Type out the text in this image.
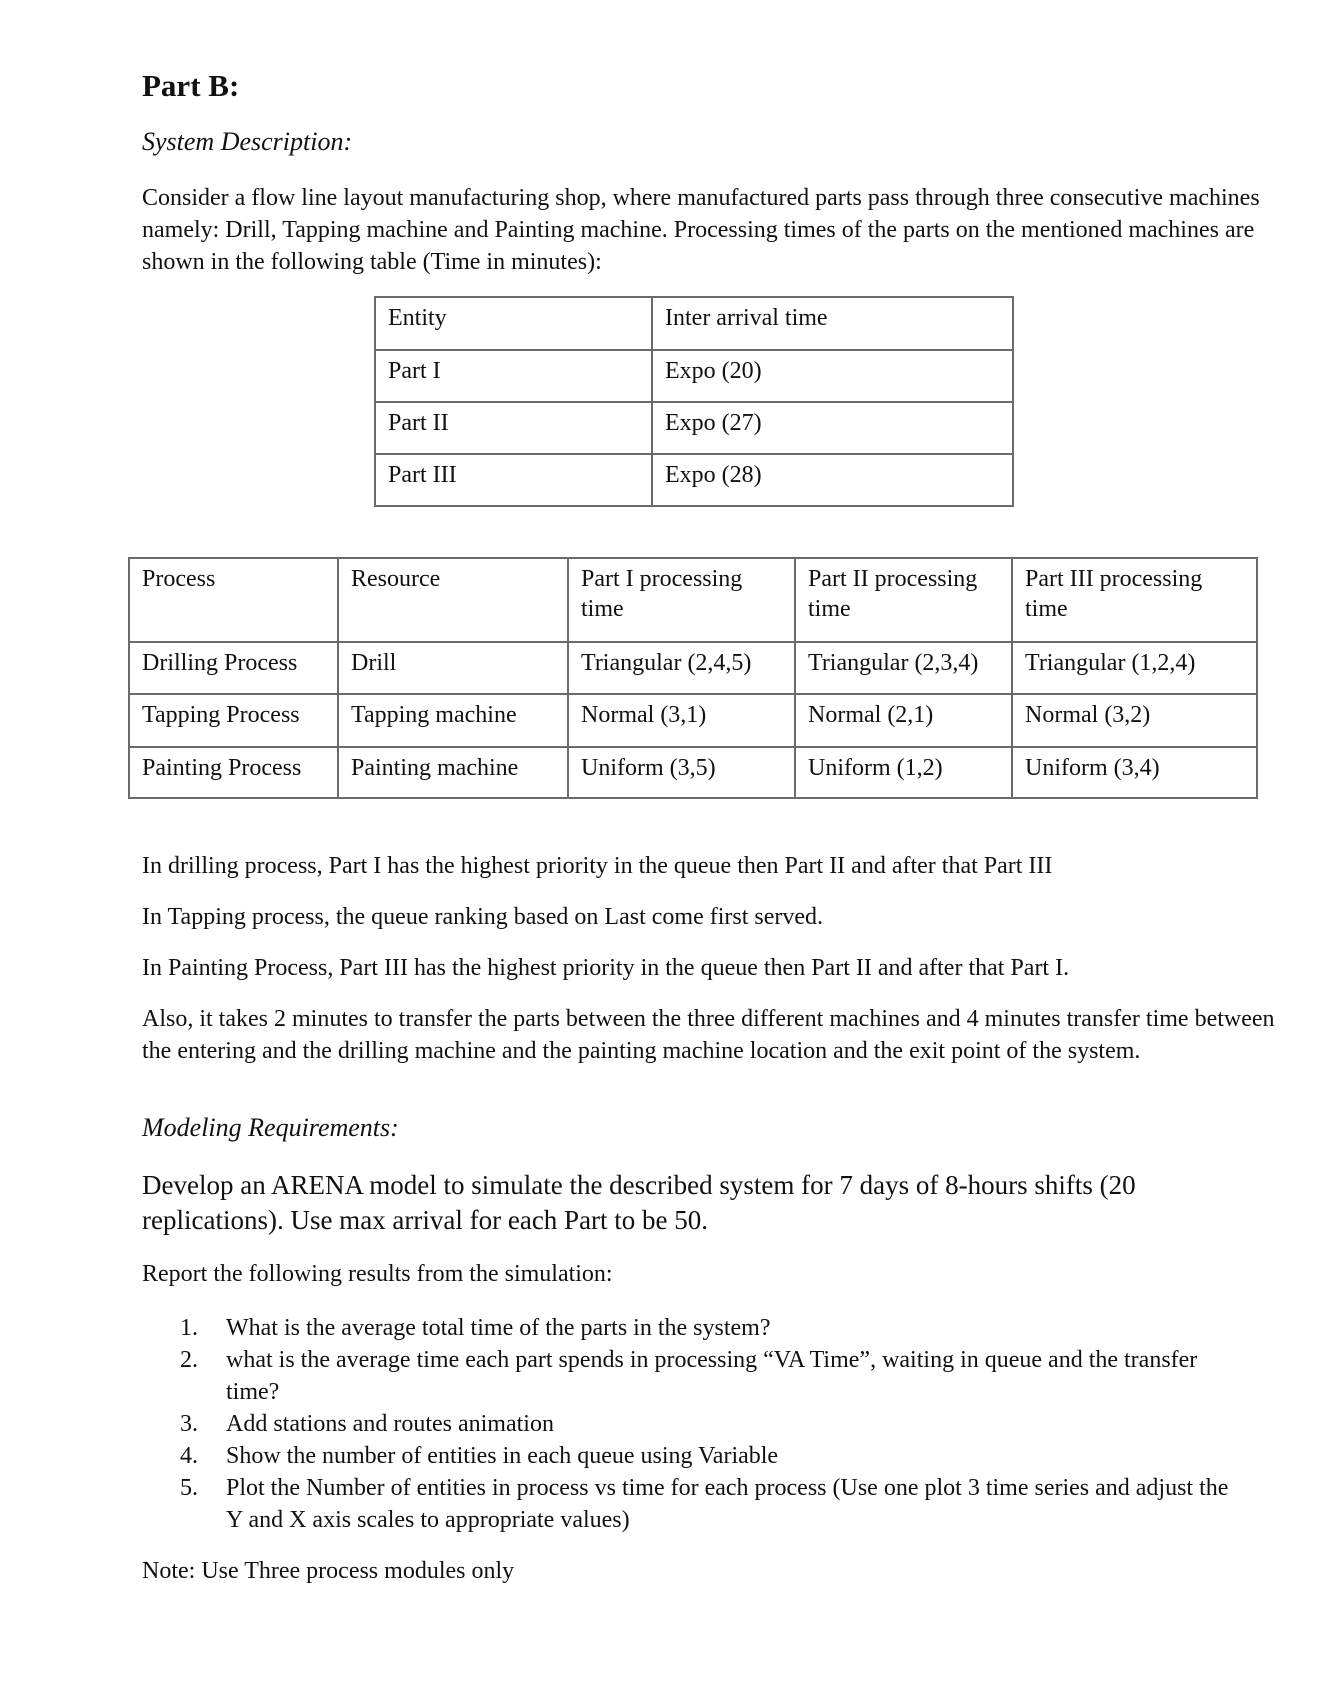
Part B:
System Description:
Consider a flow line layout manufacturing shop, where manufactured parts pass through three consecutive machines namely: Drill, Tapping machine and Painting machine. Processing times of the parts on the mentioned machines are shown in the following table (Time in minutes):
Entity	Inter arrival time
Part I	Expo (20)
Part II	Expo (27)
Part III	Expo (28)
Process	Resource	Part I processing time	Part II processing time	Part III processing time
Drilling Process	Drill	Triangular (2,4,5)	Triangular (2,3,4)	Triangular (1,2,4)
Tapping Process	Tapping machine	Normal (3,1)	Normal (2,1)	Normal (3,2)
Painting Process	Painting machine	Uniform (3,5)	Uniform (1,2)	Uniform (3,4)
In drilling process, Part I has the highest priority in the queue then Part II and after that Part III
In Tapping process, the queue ranking based on Last come first served.
In Painting Process, Part III has the highest priority in the queue then Part II and after that Part I.
Also, it takes 2 minutes to transfer the parts between the three different machines and 4 minutes transfer time between the entering and the drilling machine and the painting machine location and the exit point of the system.
Modeling Requirements:
Develop an ARENA model to simulate the described system for 7 days of 8-hours shifts (20 replications). Use max arrival for each Part to be 50.
Report the following results from the simulation:
1. What is the average total time of the parts in the system?
2. what is the average time each part spends in processing “VA Time”, waiting in queue and the transfer time?
3. Add stations and routes animation
4. Show the number of entities in each queue using Variable
5. Plot the Number of entities in process vs time for each process (Use one plot 3 time series and adjust the Y and X axis scales to appropriate values)
Note: Use Three process modules only
